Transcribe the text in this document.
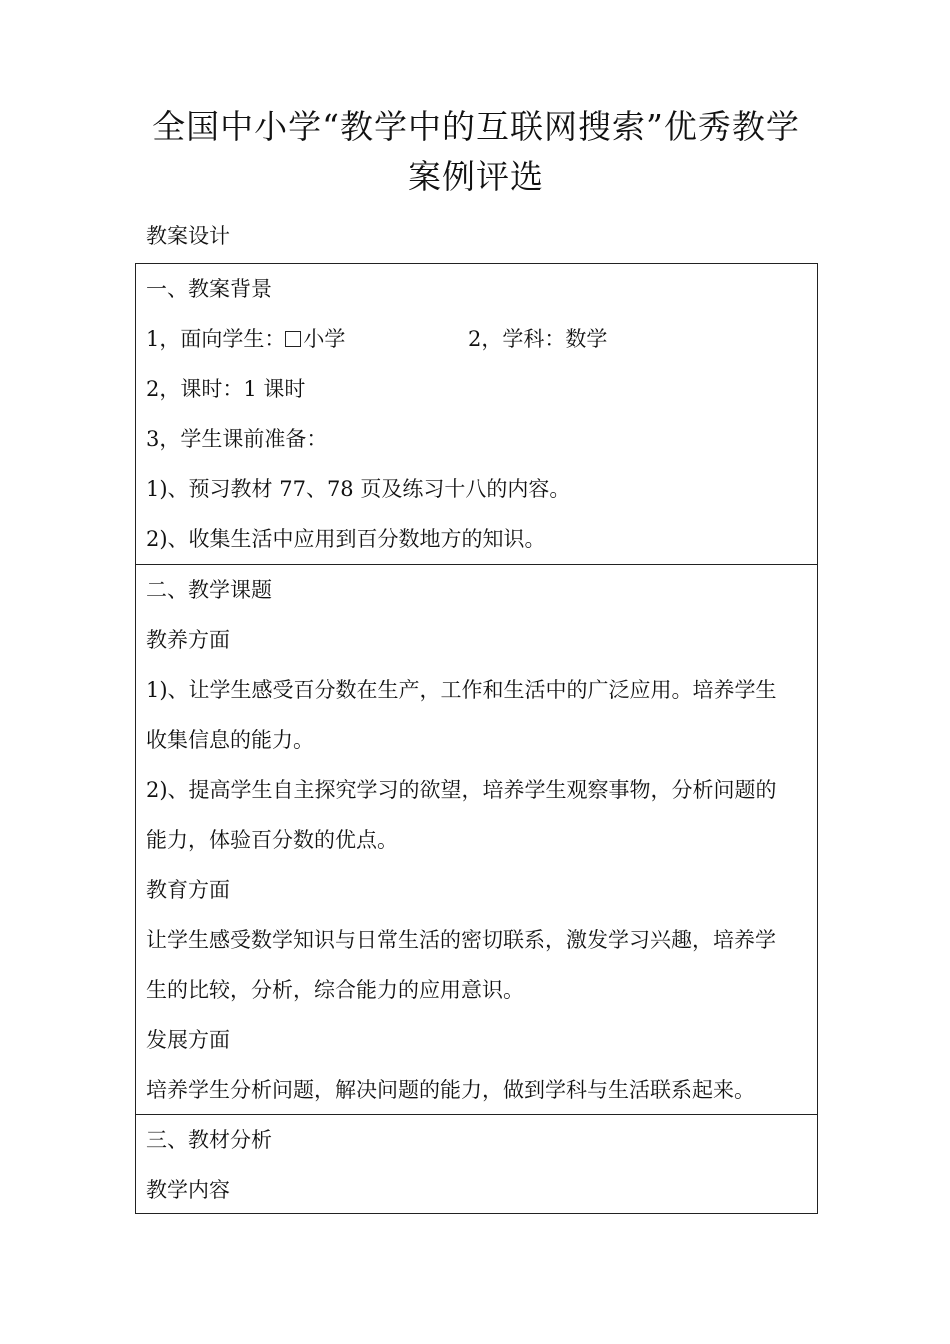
全国中小学“教学中的互联网搜索”优秀教学
案例评选
教案设计
一、教案背景
1，面向学生： 小学	2，学科：数学
2，课时：1 课时
3，学生课前准备：
1)、预习教材 77、78 页及练习十八的内容。
2)、收集生活中应用到百分数地方的知识。
二、教学课题
教养方面
1)、让学生感受百分数在生产，工作和生活中的广泛应用。培养学生
收集信息的能力。
2)、提高学生自主探究学习的欲望，培养学生观察事物，分析问题的
能力，体验百分数的优点。
教育方面
让学生感受数学知识与日常生活的密切联系，激发学习兴趣，培养学
生的比较，分析，综合能力的应用意识。
发展方面
培养学生分析问题，解决问题的能力，做到学科与生活联系起来。
三、教材分析
教学内容
